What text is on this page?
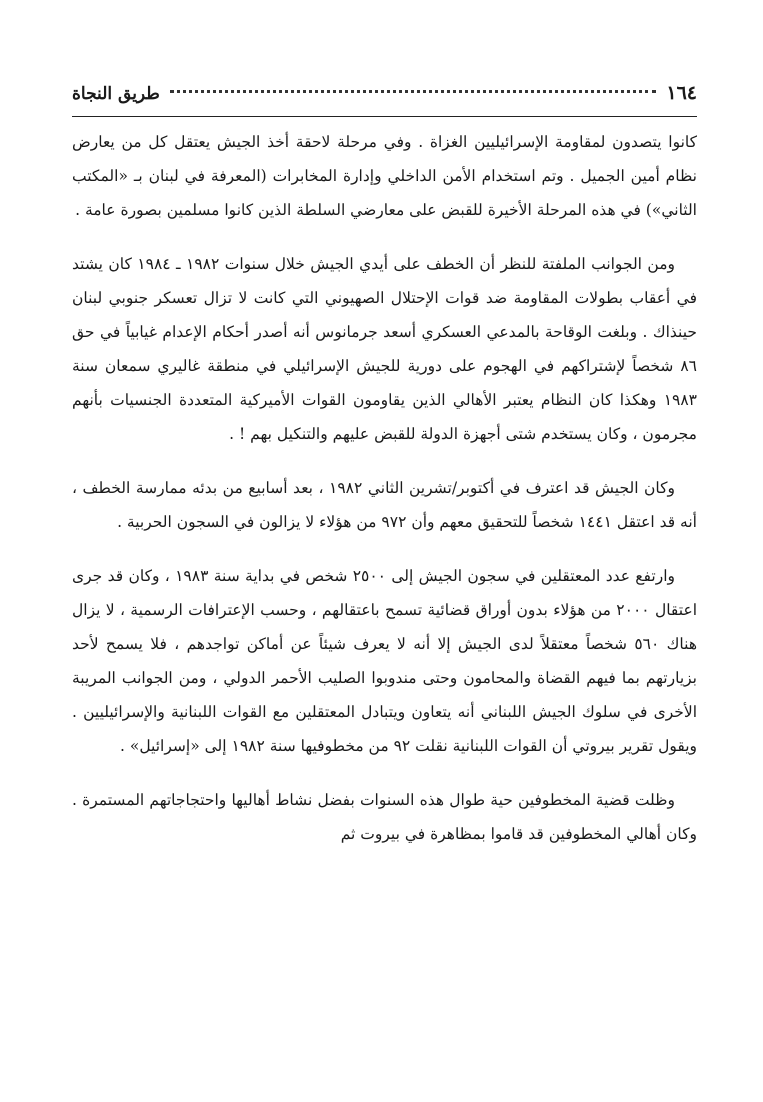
١٦٤
طريق النجاة

كانوا يتصدون لمقاومة الإسرائيليين الغزاة . وفي مرحلة لاحقة أخذ الجيش يعتقل كل من يعارض نظام أمين الجميل . وتم استخدام الأمن الداخلي وإدارة المخابرات (المعرفة في لبنان بـ «المكتب الثاني») في هذه المرحلة الأخيرة للقبض على معارضي السلطة الذين كانوا مسلمين بصورة عامة .

ومن الجوانب الملفتة للنظر أن الخطف على أيدي الجيش خلال سنوات ١٩٨٢ ـ ١٩٨٤ كان يشتد في أعقاب بطولات المقاومة ضد قوات الإحتلال الصهيوني التي كانت لا تزال تعسكر جنوبي لبنان حينذاك . وبلغت الوقاحة بالمدعي العسكري أسعد جرمانوس أنه أصدر أحكام الإعدام غيابياً في حق ٨٦ شخصاً لإشتراكهم في الهجوم على دورية للجيش الإسرائيلي في منطقة غاليري سمعان سنة ١٩٨٣ وهكذا كان النظام يعتبر الأهالي الذين يقاومون القوات الأميركية المتعددة الجنسيات بأنهم مجرمون ، وكان يستخدم شتى أجهزة الدولة للقبض عليهم والتنكيل بهم ! .

وكان الجيش قد اعترف في أكتوبر/تشرين الثاني ١٩٨٢ ، بعد أسابيع من بدئه ممارسة الخطف ، أنه قد اعتقل ١٤٤١ شخصاً للتحقيق معهم وأن ٩٧٢ من هؤلاء لا يزالون في السجون الحربية .

وارتفع عدد المعتقلين في سجون الجيش إلى ٢٥٠٠ شخص في بداية سنة ١٩٨٣ ، وكان قد جرى اعتقال ٢٠٠٠ من هؤلاء بدون أوراق قضائية تسمح باعتقالهم ، وحسب الإعترافات الرسمية ، لا يزال هناك ٥٦٠ شخصاً معتقلاً لدى الجيش إلا أنه لا يعرف شيئاً عن أماكن تواجدهم ، فلا يسمح لأحد بزيارتهم بما فيهم القضاة والمحامون وحتى مندوبوا الصليب الأحمر الدولي ، ومن الجوانب المريبة الأخرى في سلوك الجيش اللبناني أنه يتعاون ويتبادل المعتقلين مع القوات اللبنانية والإسرائيليين . ويقول تقرير بيروتي أن القوات اللبنانية نقلت ٩٢ من مخطوفيها سنة ١٩٨٢ إلى «إسرائيل» .

وظلت قضية المخطوفين حية طوال هذه السنوات بفضل نشاط أهاليها واحتجاجاتهم المستمرة . وكان أهالي المخطوفين قد قاموا بمظاهرة في بيروت ثم
